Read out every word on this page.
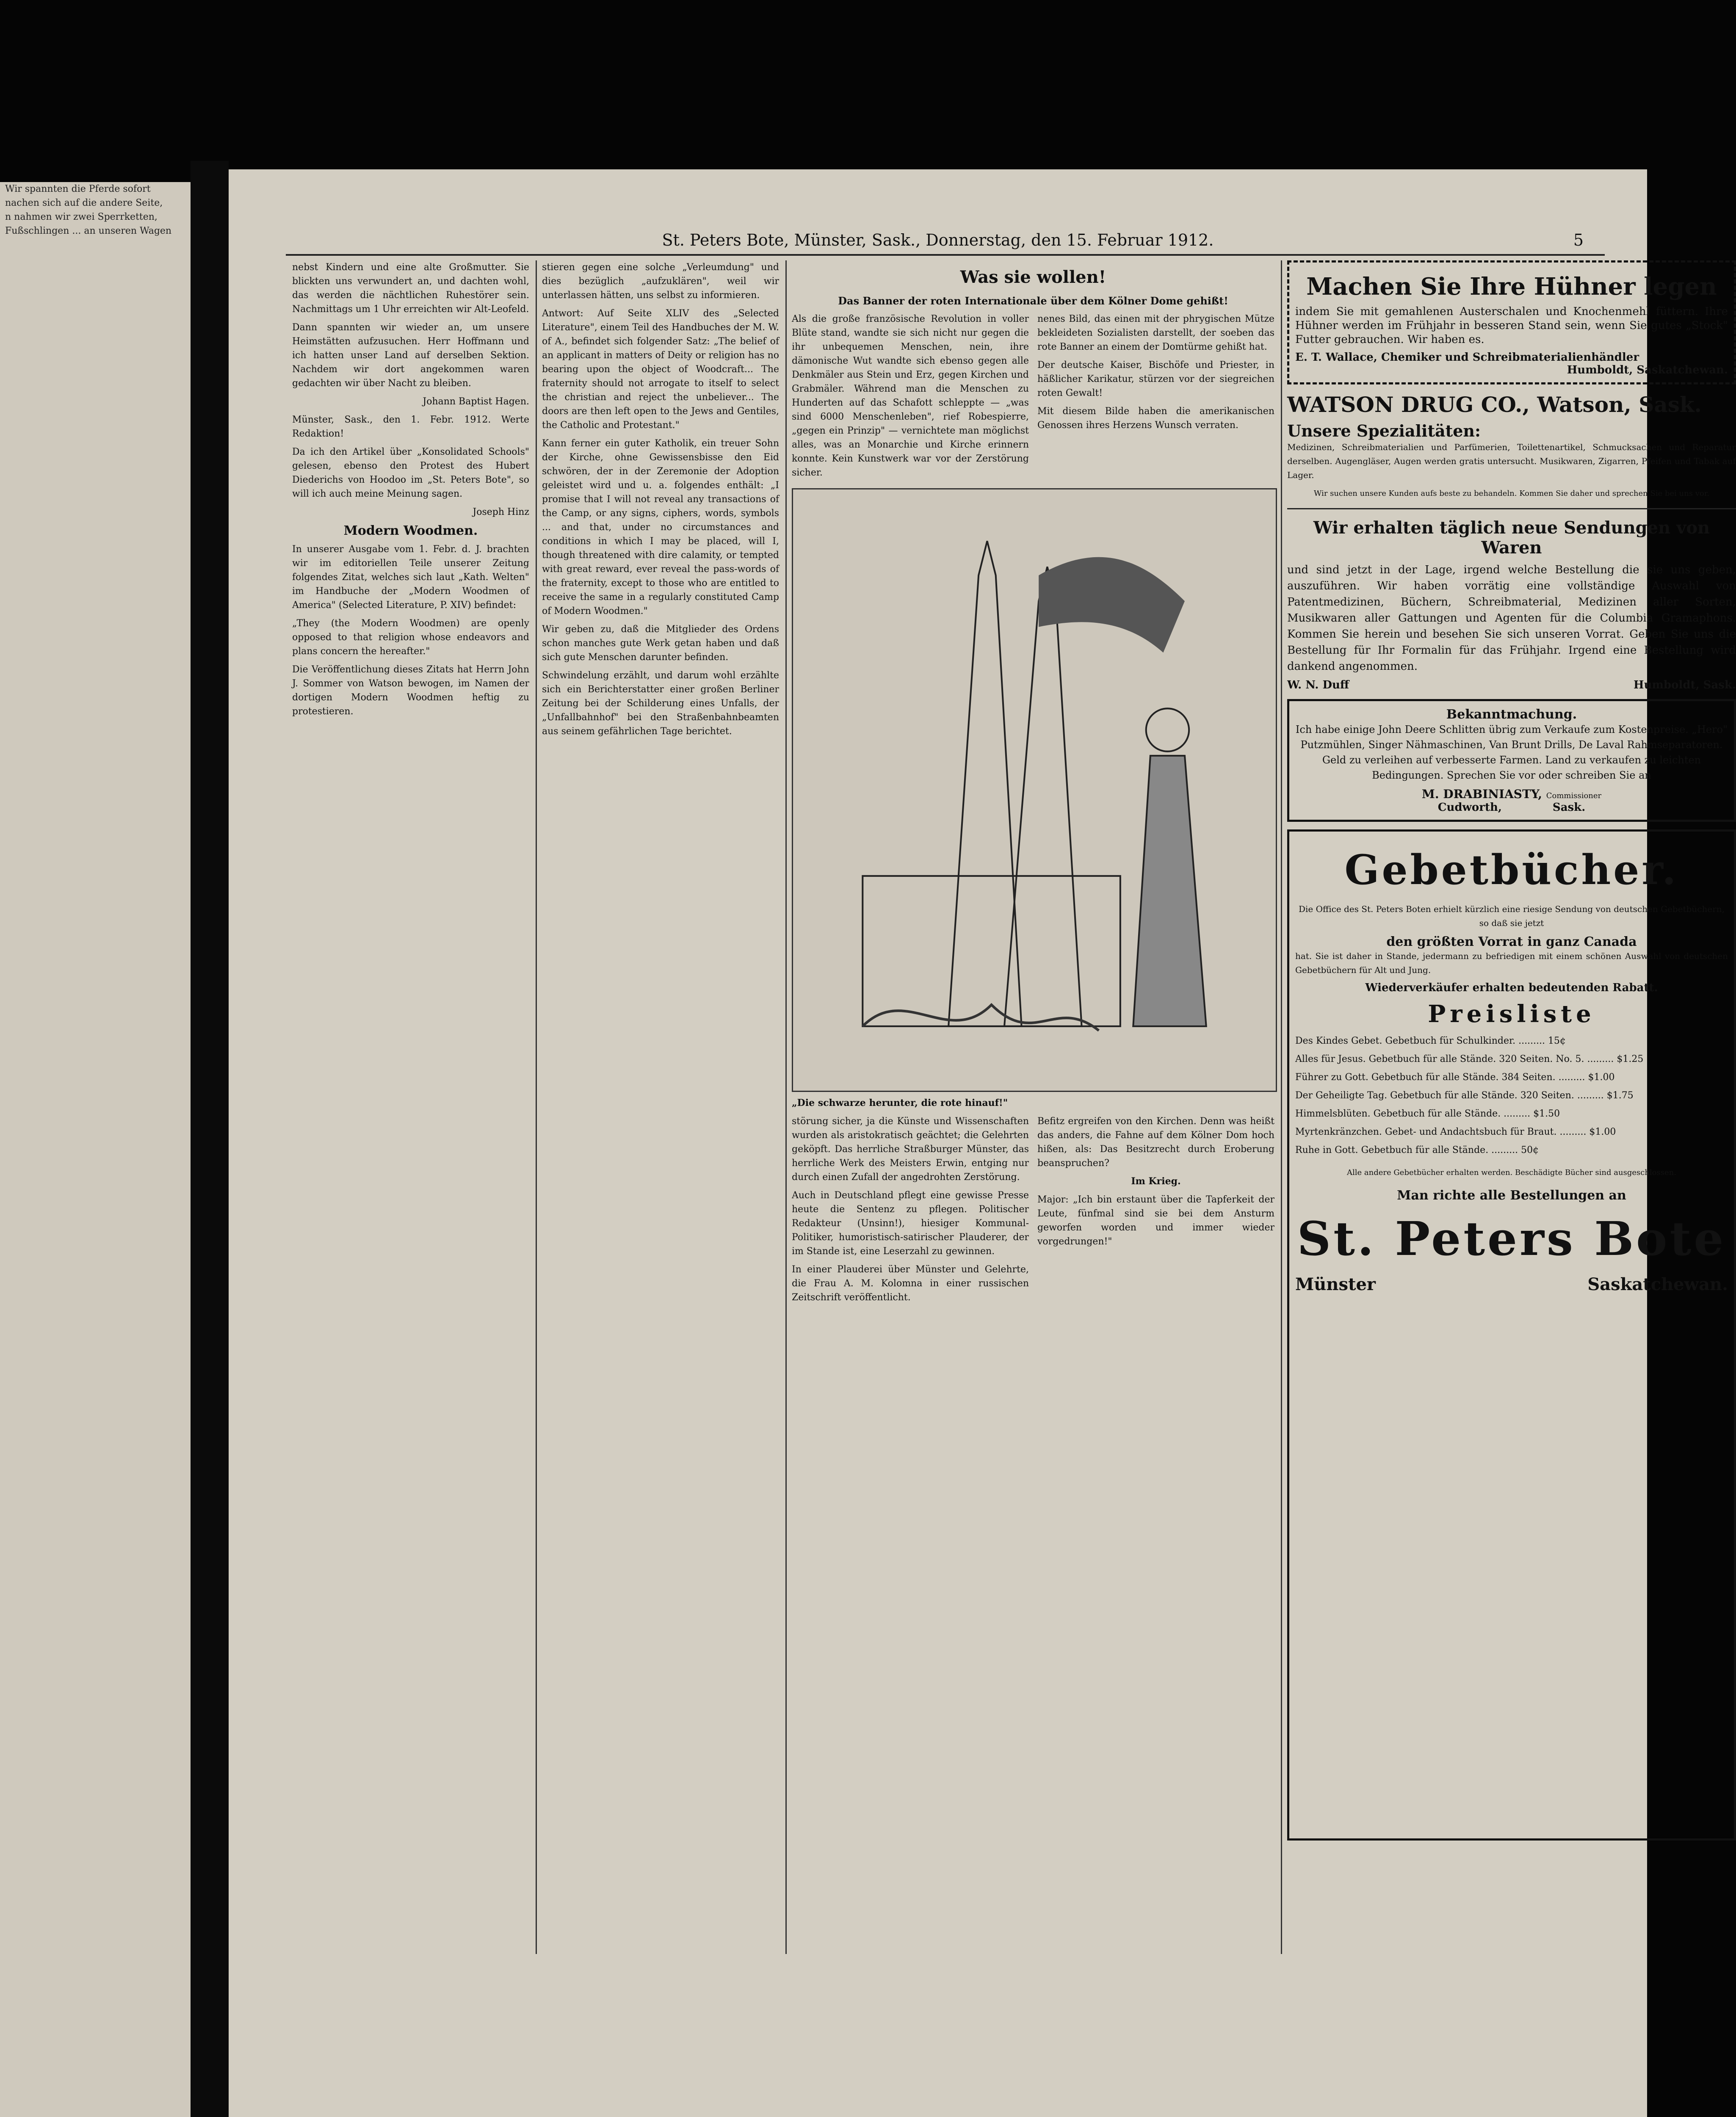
Wir spannten die Pferde sofort

nachen sich auf die andere Seite,

n nahmen wir zwei Sperrketten,

Fußschlingen ... an unseren Wagen	St. Peters Bote, Münster, Sask., Donnerstag, den 15. Februar 1912.	5

nebst Kindern und eine alte Großmutter. Sie blickten uns verwundert an, und dachten wohl, das werden die nächtlichen Ruhestörer sein. Nachmittags um 1 Uhr erreichten wir Alt-Leofeld.

Dann spannten wir wieder an, um unsere Heimstätten aufzusuchen. Herr Hoffmann und ich hatten unser Land auf derselben Sektion. Nachdem wir dort angekommen waren gedachten wir über Nacht zu bleiben.

Johann Baptist Hagen.

Münster, Sask., den 1. Febr. 1912. Werte Redaktion!

Da ich den Artikel über „Konsolidated Schools" gelesen, ebenso den Protest des Hubert Diederichs von Hoodoo im „St. Peters Bote", so will ich auch meine Meinung sagen.

Joseph Hinz

Modern Woodmen.

In unserer Ausgabe vom 1. Febr. d. J. brachten wir im editoriellen Teile unserer Zeitung folgendes Zitat, welches sich laut „Kath. Welten" im Handbuche der „Modern Woodmen of America" (Selected Literature, P. XIV) befindet:

„They (the Modern Woodmen) are openly opposed to that religion whose endeavors and plans concern the hereafter."

Die Veröffentlichung dieses Zitats hat Herrn John J. Sommer von Watson bewogen, im Namen der dortigen Modern Woodmen heftig zu protestieren.

stieren gegen eine solche „Verleumdung" und dies bezüglich „aufzuklären", weil wir unterlassen hätten, uns selbst zu informieren.

Antwort: Auf Seite XLIV des „Selected Literature", einem Teil des Handbuches der M. W. of A., befindet sich folgender Satz: „The belief of an applicant in matters of Deity or religion has no bearing upon the object of Woodcraft... The fraternity should not arrogate to itself to select the christian and reject the unbeliever... The doors are then left open to the Jews and Gentiles, the Catholic and Protestant."

Kann ferner ein guter Katholik, ein treuer Sohn der Kirche, ohne Gewissensbisse den Eid schwören, der in der Zeremonie der Adoption geleistet wird und u. a. folgendes enthält: „I promise that I will not reveal any transactions of the Camp, or any signs, ciphers, words, symbols ... and that, under no circumstances and conditions in which I may be placed, will I, though threatened with dire calamity, or tempted with great reward, ever reveal the pass-words of the fraternity, except to those who are entitled to receive the same in a regularly constituted Camp of Modern Woodmen."

Wir geben zu, daß die Mitglieder des Ordens schon manches gute Werk getan haben und daß sich gute Menschen darunter befinden.

Schwindelung erzählt, und darum wohl erzählte sich ein Berichterstatter einer großen Berliner Zeitung bei der Schilderung eines Unfalls, der „Unfallbahnhof" bei den Straßenbahnbeamten aus seinem gefährlichen Tage berichtet.

Was sie wollen!

Das Banner der roten Internationale über dem Kölner Dome gehißt!

Als die große französische Revolution in voller Blüte stand, wandte sie sich nicht nur gegen die ihr unbequemen Menschen, nein, ihre dämonische Wut wandte sich ebenso gegen alle Denkmäler aus Stein und Erz, gegen Kirchen und Grabmäler. Während man die Menschen zu Hunderten auf das Schafott schleppte — „was sind 6000 Menschenleben", rief Robespierre, „gegen ein Prinzip" — vernichtete man möglichst alles, was an Monarchie und Kirche erinnern konnte. Kein Kunstwerk war vor der Zerstörung sicher.

nenes Bild, das einen mit der phrygischen Mütze bekleideten Sozialisten darstellt, der soeben das rote Banner an einem der Domtürme gehißt hat.

Der deutsche Kaiser, Bischöfe und Priester, in häßlicher Karikatur, stürzen vor der siegreichen roten Gewalt!

Mit diesem Bilde haben die amerikanischen Genossen ihres Herzens Wunsch verraten.

„Die schwarze herunter, die rote hinauf!"

störung sicher, ja die Künste und Wissenschaften wurden als aristokratisch geächtet; die Gelehrten geköpft. Das herrliche Straßburger Münster, das herrliche Werk des Meisters Erwin, entging nur durch einen Zufall der angedrohten Zerstörung.

Auch in Deutschland pflegt eine gewisse Presse heute die Sentenz zu pflegen. Politischer Redakteur (Unsinn!), hiesiger Kommunal-Politiker, humoristisch-satirischer Plauderer, der im Stande ist, eine Leserzahl zu gewinnen.

In einer Plauderei über Münster und Gelehrte, die Frau A. M. Kolomna in einer russischen Zeitschrift veröffentlicht.

Befitz ergreifen von den Kirchen. Denn was heißt das anders, die Fahne auf dem Kölner Dom hoch hißen, als: Das Besitzrecht durch Eroberung beanspruchen?

Im Krieg.

Major: „Ich bin erstaunt über die Tapferkeit der Leute, fünfmal sind sie bei dem Ansturm geworfen worden und immer wieder vorgedrungen!"

Machen Sie Ihre Hühner legen

indem Sie mit gemahlenen Austerschalen und Knochenmehl füttern. Ihre Hühner werden im Frühjahr in besseren Stand sein, wenn Sie gutes „Stock" Futter gebrauchen. Wir haben es.

E. T. Wallace, Chemiker und Schreibmaterialienhändler
Humboldt, Saskatchewan.
WATSON DRUG CO., Watson, Sask.
Unsere Spezialitäten:

Medizinen, Schreibmaterialien und Parfümerien, Toilettenartikel, Schmucksachen und Reparatur derselben. Augengläser, Augen werden gratis untersucht. Musikwaren, Zigarren, Pfeifen und Tabak auf Lager.

Wir suchen unsere Kunden aufs beste zu behandeln. Kommen Sie daher und sprechen Sie bei uns vor.

Wir erhalten täglich neue Sendungen von Waren

und sind jetzt in der Lage, irgend welche Bestellung die sie uns geben, auszuführen. Wir haben vorrätig eine vollständige Auswahl von Patentmedizinen, Büchern, Schreibmaterial, Medizinen aller Sorten, Musikwaren aller Gattungen und Agenten für die Columbia Gramaphons. Kommen Sie herein und besehen Sie sich unseren Vorrat. Geben Sie uns die Bestellung für Ihr Formalin für das Frühjahr. Irgend eine Bestellung wird dankend angenommen.

W. N. Duff	Humboldt, Sask.
Bekanntmachung.

Ich habe einige John Deere Schlitten übrig zum Verkaufe zum Kostenpreise. „Hero" Putzmühlen, Singer Nähmaschinen, Van Brunt Drills, De Laval Rahmseparatoren. Geld zu verleihen auf verbesserte Farmen. Land zu verkaufen zu leichten Bedingungen. Sprechen Sie vor oder schreiben Sie an

M. DRABINIASTY, Commissioner
Cudworth,	Sask.
Gebetbücher.

Die Office des St. Peters Boten erhielt kürzlich eine riesige Sendung von deutschen Gebetbüchern, so daß sie jetzt

den größten Vorrat in ganz Canada

hat. Sie ist daher in Stande, jedermann zu befriedigen mit einem schönen Auswahl von deutschen Gebetbüchern für Alt und Jung.

Wiederverkäufer erhalten bedeutenden Rabatt.
Preisliste

Des Kindes Gebet. Gebetbuch für Schulkinder. ......... 15¢

Alles für Jesus. Gebetbuch für alle Stände. 320 Seiten. No. 5. ......... $1.25

Führer zu Gott. Gebetbuch für alle Stände. 384 Seiten. ......... $1.00

Der Geheiligte Tag. Gebetbuch für alle Stände. 320 Seiten. ......... $1.75

Himmelsblüten. Gebetbuch für alle Stände. ......... $1.50

Myrtenkränzchen. Gebet- und Andachtsbuch für Braut. ......... $1.00

Ruhe in Gott. Gebetbuch für alle Stände. ......... 50¢

Alle andere Gebetbücher erhalten werden. Beschädigte Bücher sind ausgeschlossen.

Man richte alle Bestellungen an
St. Peters Bote
Münster	Saskatchewan.
